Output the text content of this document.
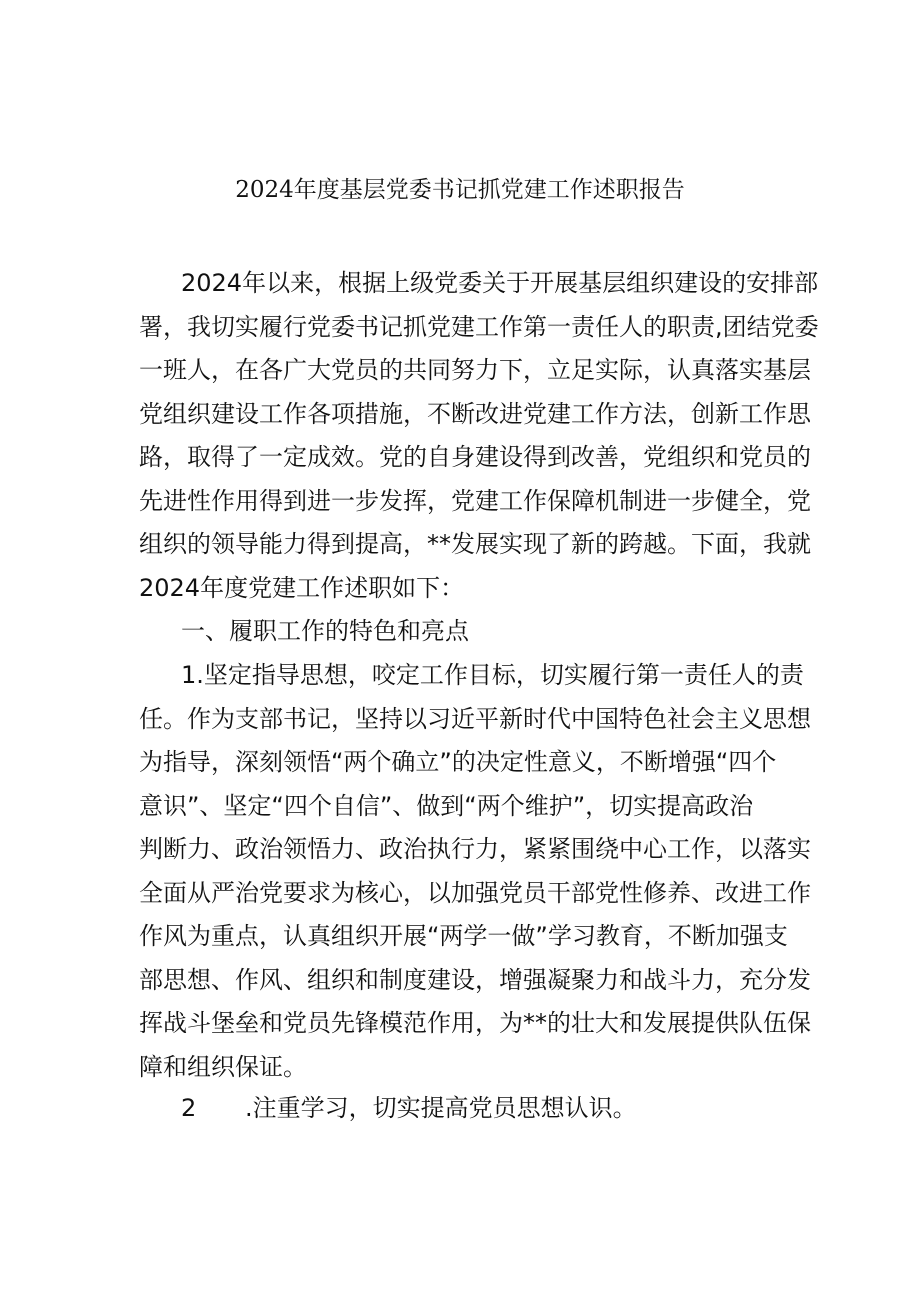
2024年度基层党委书记抓党建工作述职报告
2024年以来，根据上级党委关于开展基层组织建设的安排部
署，我切实履行党委书记抓党建工作第一责任人的职责,团结党委
一班人，在各广大党员的共同努力下，立足实际，认真落实基层
党组织建设工作各项措施，不断改进党建工作方法，创新工作思
路，取得了一定成效。党的自身建设得到改善，党组织和党员的
先进性作用得到进一步发挥，党建工作保障机制进一步健全，党
组织的领导能力得到提高，**发展实现了新的跨越。下面，我就
2024年度党建工作述职如下：
一、履职工作的特色和亮点
1.坚定指导思想，咬定工作目标，切实履行第一责任人的责
任。作为支部书记，坚持以习近平新时代中国特色社会主义思想
为指导，深刻领悟“两个确立”的决定性意义，不断增强“四个
意识”、坚定“四个自信”、做到“两个维护”，切实提高政治
判断力、政治领悟力、政治执行力，紧紧围绕中心工作，以落实
全面从严治党要求为核心，以加强党员干部党性修养、改进工作
作风为重点，认真组织开展“两学一做”学习教育，不断加强支
部思想、作风、组织和制度建设，增强凝聚力和战斗力，充分发
挥战斗堡垒和党员先锋模范作用，为**的壮大和发展提供队伍保
障和组织保证。
2 .注重学习，切实提高党员思想认识。
